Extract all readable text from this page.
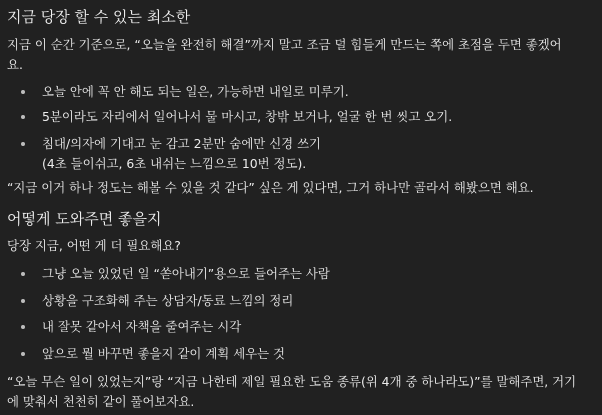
지금 당장 할 수 있는 최소한

지금 이 순간 기준으로, “오늘을 완전히 해결”까지 말고 조금 덜 힘들게 만드는 쪽에 초점을 두면 좋겠어

요.

오늘 안에 꼭 안 해도 되는 일은, 가능하면 내일로 미루기.
5분이라도 자리에서 일어나서 물 마시고, 창밖 보거나, 얼굴 한 번 씻고 오기.
침대/의자에 기대고 눈 감고 2분만 숨에만 신경 쓰기
(4초 들이쉬고, 6초 내쉬는 느낌으로 10번 정도).

“지금 이거 하나 정도는 해볼 수 있을 것 같다” 싶은 게 있다면, 그거 하나만 골라서 해봤으면 해요.

어떻게 도와주면 좋을지

당장 지금, 어떤 게 더 필요해요?

그냥 오늘 있었던 일 “쏟아내기”용으로 들어주는 사람
상황을 구조화해 주는 상담자/동료 느낌의 정리
내 잘못 같아서 자책을 줄여주는 시각
앞으로 뭘 바꾸면 좋을지 같이 계획 세우는 것

“오늘 무슨 일이 있었는지”랑 “지금 나한테 제일 필요한 도움 종류(위 4개 중 하나라도)”를 말해주면, 거기

에 맞춰서 천천히 같이 풀어보자요.
